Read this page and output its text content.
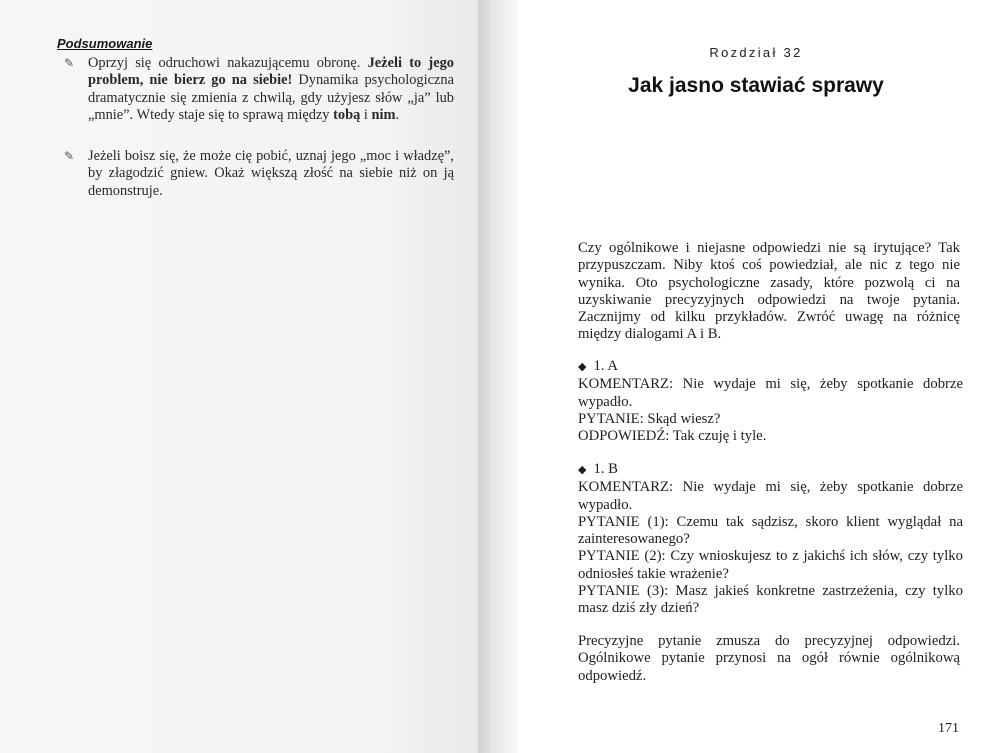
Podsumowanie
✎ Oprzyj się odruchowi nakazującemu obronę. Jeżeli to jego problem, nie bierz go na siebie! Dynamika psychologiczna dramatycznie się zmienia z chwilą, gdy użyjesz słów „ja” lub „mnie”. Wtedy staje się to sprawą między tobą i nim.
✎ Jeżeli boisz się, że może cię pobić, uznaj jego „moc i władzę”, by złagodzić gniew. Okaż większą złość na siebie niż on ją demonstruje.
Rozdział 32
Jak jasno stawiać sprawy
Czy ogólnikowe i niejasne odpowiedzi nie są irytujące? Tak przypuszczam. Niby ktoś coś powiedział, ale nic z tego nie wynika. Oto psychologiczne zasady, które pozwolą ci na uzyskiwanie precyzyjnych odpowiedzi na twoje pytania. Zacznijmy od kilku przykładów. Zwróć uwagę na różnicę między dialogami A i B.
◆ 1. A
KOMENTARZ: Nie wydaje mi się, żeby spotkanie dobrze wypadło.
PYTANIE: Skąd wiesz?
ODPOWIEDŹ: Tak czuję i tyle.
◆ 1. B
KOMENTARZ: Nie wydaje mi się, żeby spotkanie dobrze wypadło.
PYTANIE (1): Czemu tak sądzisz, skoro klient wyglądał na zainteresowanego?
PYTANIE (2): Czy wnioskujesz to z jakichś ich słów, czy tylko odniosłeś takie wrażenie?
PYTANIE (3): Masz jakieś konkretne zastrzeżenia, czy tylko masz dziś zły dzień?
Precyzyjne pytanie zmusza do precyzyjnej odpowiedzi. Ogólnikowe pytanie przynosi na ogół równie ogólnikową odpowiedź.
171
